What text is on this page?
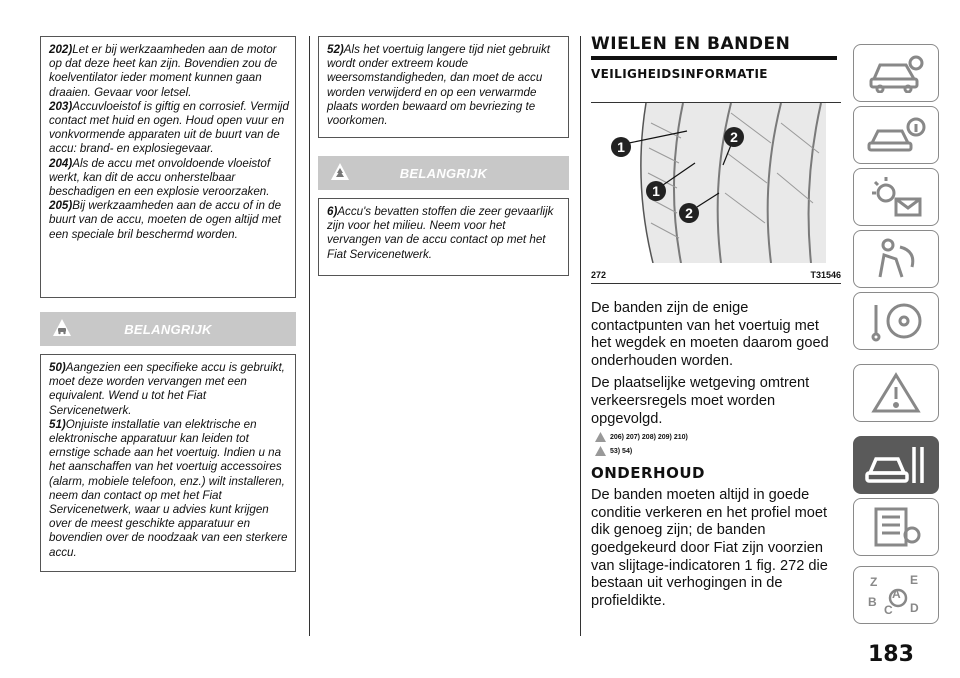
202)Let er bij werkzaamheden aan de motor op dat deze heet kan zijn. Bovendien zou de koelventilator ieder moment kunnen gaan draaien. Gevaar voor letsel.

203)Accuvloeistof is giftig en corrosief. Vermijd contact met huid en ogen. Houd open vuur en vonkvormende apparaten uit de buurt van de accu: brand- en explosiegevaar.

204)Als de accu met onvoldoende vloeistof werkt, kan dit de accu onherstelbaar beschadigen en een explosie veroorzaken.

205)Bij werkzaamheden aan de accu of in de buurt van de accu, moeten de ogen altijd met een speciale bril beschermd worden.

BELANGRIJK

50)Aangezien een specifieke accu is gebruikt, moet deze worden vervangen met een equivalent. Wend u tot het Fiat Servicenetwerk.

51)Onjuiste installatie van elektrische en elektronische apparatuur kan leiden tot ernstige schade aan het voertuig. Indien u na het aanschaffen van het voertuig accessoires (alarm, mobiele telefoon, enz.) wilt installeren, neem dan contact op met het Fiat Servicenetwerk, waar u advies kunt krijgen over de meest geschikte apparatuur en bovendien over de noodzaak van een sterkere accu.

52)Als het voertuig langere tijd niet gebruikt wordt onder extreem koude weersomstandigheden, dan moet de accu worden verwijderd en op een verwarmde plaats worden bewaard om bevriezing te voorkomen.

BELANGRIJK

6)Accu's bevatten stoffen die zeer gevaarlijk zijn voor het milieu. Neem voor het vervangen van de accu contact op met het Fiat Servicenetwerk.

WIELEN EN BANDEN
VEILIGHEIDSINFORMATIE
1
2
1
2
272	T31546

De banden zijn de enige contactpunten van het voertuig met het wegdek en moeten daarom goed onderhouden worden.

De plaatselijke wetgeving omtrent verkeersregels moet worden opgevolgd.

206) 207) 208) 209) 210)
53) 54)
ONDERHOUD

De banden moeten altijd in goede conditie verkeren en het profiel moet dik genoeg zijn; de banden goedgekeurd door Fiat zijn voorzien van slijtage-indicatoren 1 fig. 272 die bestaan uit verhogingen in de profieldikte.

Z	E
A
B
C D
183
